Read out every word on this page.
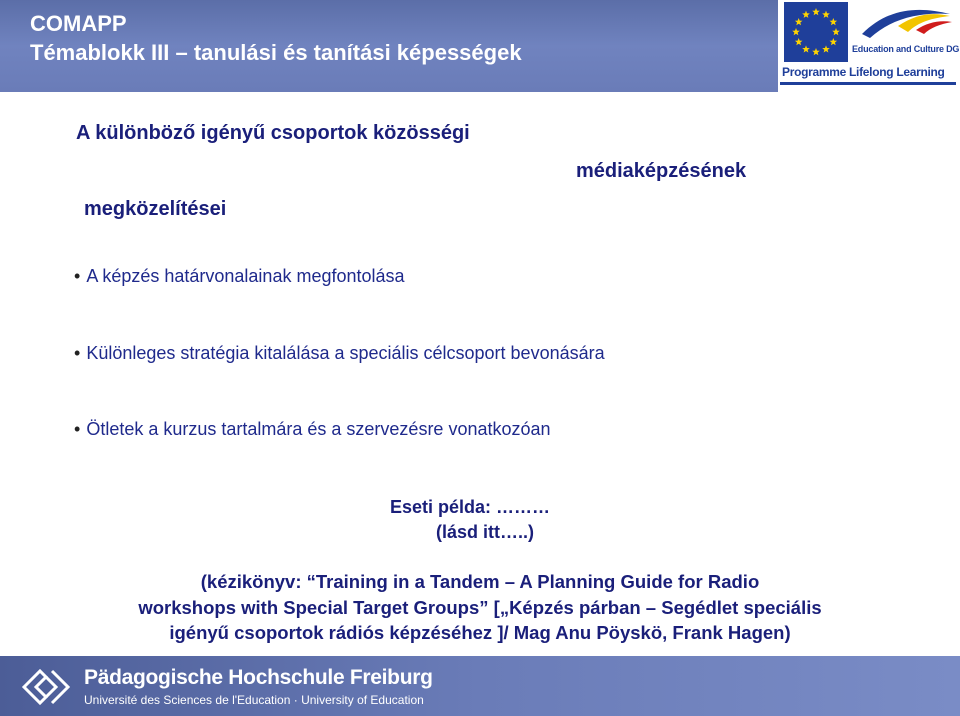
COMAPP
Témablokk III – tanulási és tanítási képességek	Education and Culture DG
Programme Lifelong Learning
A különböző igényű csoportok közösségi
médiaképzésének
megközelítései
• A képzés határvonalainak megfontolása
• Különleges stratégia kitalálása a speciális célcsoport bevonására
• Ötletek a kurzus tartalmára és a szervezésre vonatkozóan
Eseti példa: ………
(lásd itt…..)
(kézikönyv: “Training in a Tandem – A Planning Guide for Radio
workshops with Special Target Groups” [„Képzés párban – Segédlet speciális
igényű csoportok rádiós képzéséhez ]/ Mag Anu Pöyskö, Frank Hagen)
Pädagogische Hochschule Freiburg
Université des Sciences de l'Education · University of Education
